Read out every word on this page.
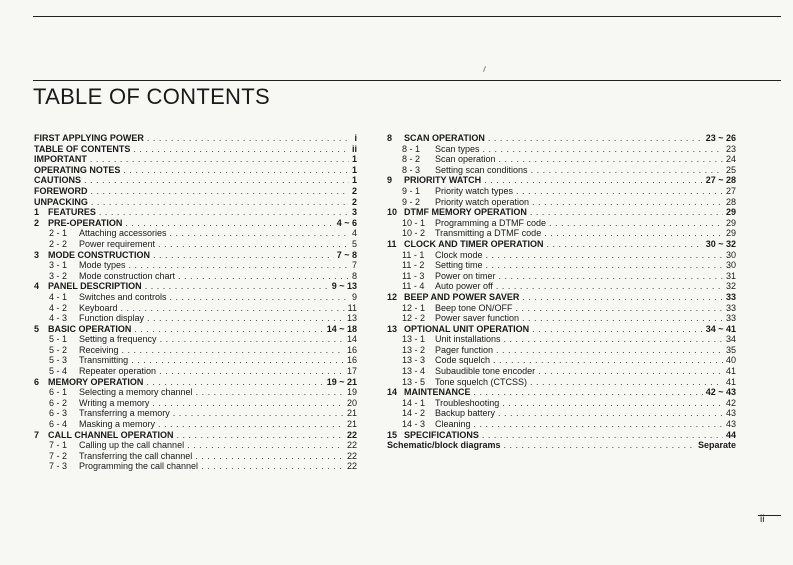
TABLE OF CONTENTS
FIRST APPLYING POWER . . .	i
TABLE OF CONTENTS . . .	ii
IMPORTANT . . .	1
OPERATING NOTES . . .	1
CAUTIONS . . .	1
FOREWORD . . .	2
UNPACKING . . .	2
1 FEATURES . . .	3
2 PRE-OPERATION . . .	4 ~ 6
2 - 1	Attaching accessories . . .	4
2 - 2	Power requirement . . .	5
3 MODE CONSTRUCTION . . .	7 ~ 8
3 - 1	Mode types . . .	7
3 - 2	Mode construction chart . . .	8
4 PANEL DESCRIPTION . . .	9 ~ 13
4 - 1	Switches and controls . . .	9
4 - 2	Keyboard . . .	11
4 - 3	Function display . . .	13
5 BASIC OPERATION . . .	14 ~ 18
5 - 1	Setting a frequency . . .	14
5 - 2	Receiving . . .	16
5 - 3	Transmitting . . .	16
5 - 4	Repeater operation . . .	17
6 MEMORY OPERATION . . .	19 ~ 21
6 - 1	Selecting a memory channel . . .	19
6 - 2	Writing a memory . . .	20
6 - 3	Transferring a memory . . .	21
6 - 4	Masking a memory . . .	21
7 CALL CHANNEL OPERATION . . .	22
7 - 1	Calling up the call channel . . .	22
7 - 2	Transferring the call channel . . .	22
7 - 3	Programming the call channel . . .	22
8	SCAN OPERATION . . .	23 ~ 26
8 - 1	Scan types . . .	23
8 - 2	Scan operation . . .	24
8 - 3	Setting scan conditions . . .	25
9	PRIORITY WATCH . . .	27 ~ 28
9 - 1	Priority watch types . . .	27
9 - 2	Priority watch operation . . .	28
10 DTMF MEMORY OPERATION . . .	29
10 - 1	Programming a DTMF code . . .	29
10 - 2	Transmitting a DTMF code . . .	29
11 CLOCK AND TIMER OPERATION . . .	30 ~ 32
11 - 1	Clock mode . . .	30
11 - 2	Setting time . . .	30
11 - 3	Power on timer . . .	31
11 - 4	Auto power off . . .	32
12 BEEP AND POWER SAVER . . .	33
12 - 1	Beep tone ON/OFF . . .	33
12 - 2	Power saver function . . .	33
13 OPTIONAL UNIT OPERATION . . .	34 ~ 41
13 - 1	Unit installations . . .	34
13 - 2	Pager function . . .	35
13 - 3	Code squelch . . .	40
13 - 4	Subaudible tone encoder . . .	41
13 - 5	Tone squelch (CTCSS) . . .	41
14 MAINTENANCE . . .	42 ~ 43
14 - 1	Troubleshooting . . .	42
14 - 2	Backup battery . . .	43
14 - 3	Cleaning . . .	43
15 SPECIFICATIONS . . .	44
Schematic/block diagrams . . .	Separate
ii
